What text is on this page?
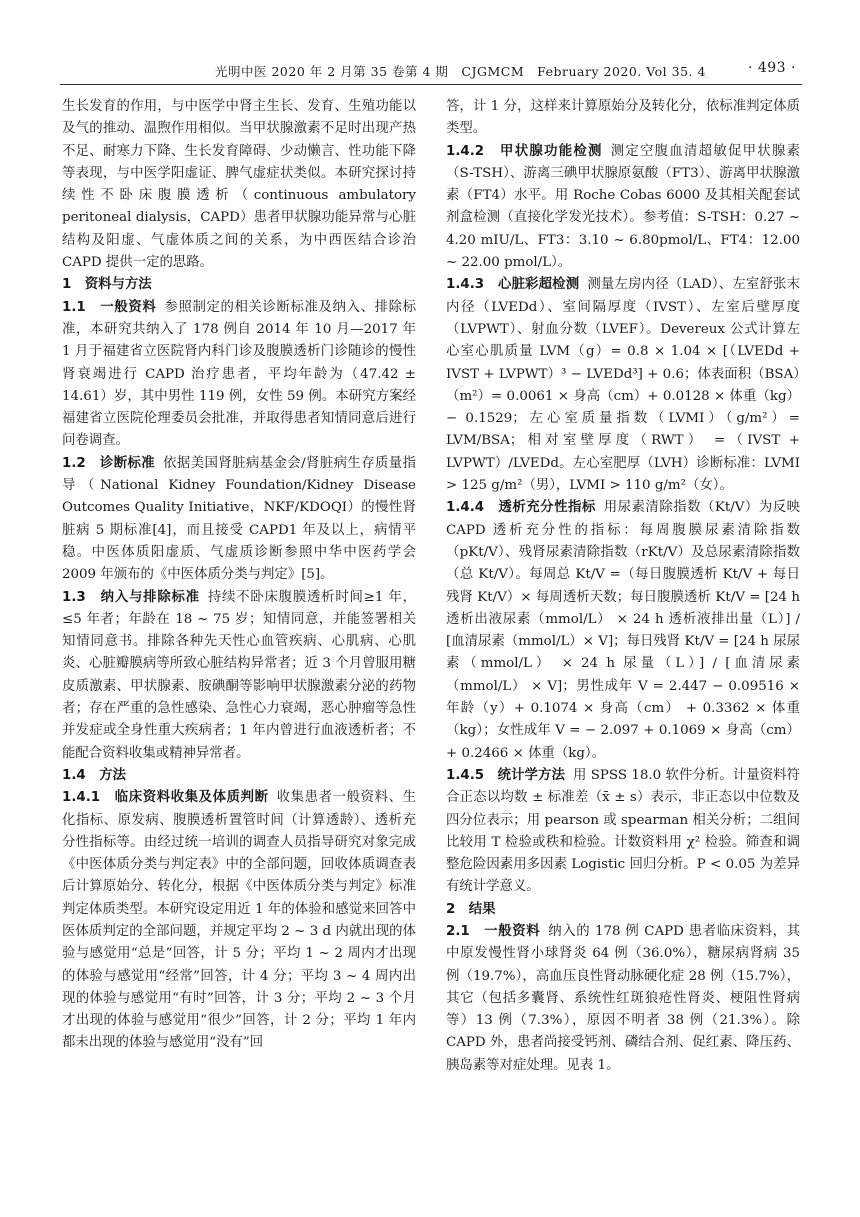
光明中医 2020 年 2 月第 35 卷第 4 期　CJGMCM　February 2020. Vol 35. 4	· 493 ·

生长发育的作用，与中医学中肾主生长、发育、生殖功能以及气的推动、温煦作用相似。当甲状腺激素不足时出现产热不足、耐寒力下降、生长发育障碍、少动懒言、性功能下降等表现，与中医学阳虚证、脾气虚症状类似。本研究探讨持续性不卧床腹膜透析（continuous ambulatory peritoneal dialysis，CAPD）患者甲状腺功能异常与心脏结构及阳虚、气虚体质之间的关系，为中西医结合诊治 CAPD 提供一定的思路。

1　资料与方法

1.1　一般资料 参照制定的相关诊断标准及纳入、排除标准，本研究共纳入了 178 例自 2014 年 10 月—2017 年 1 月于福建省立医院肾内科门诊及腹膜透析门诊随诊的慢性肾衰竭进行 CAPD 治疗患者，平均年龄为（47.42 ± 14.61）岁，其中男性 119 例，女性 59 例。本研究方案经福建省立医院伦理委员会批准，并取得患者知情同意后进行问卷调查。

1.2　诊断标准 依据美国肾脏病基金会/肾脏病生存质量指导（National Kidney Foundation/Kidney Disease Outcomes Quality Initiative，NKF/KDOQI）的慢性肾脏病 5 期标准[4]，而且接受 CAPD1 年及以上，病情平稳。中医体质阳虚质、气虚质诊断参照中华中医药学会 2009 年颁布的《中医体质分类与判定》[5]。

1.3　纳入与排除标准 持续不卧床腹膜透析时间≥1 年，≤5 年者；年龄在 18 ~ 75 岁；知情同意，并能签署相关知情同意书。排除各种先天性心血管疾病、心肌病、心肌炎、心脏瓣膜病等所致心脏结构异常者；近 3 个月曾服用糖皮质激素、甲状腺素、胺碘酮等影响甲状腺激素分泌的药物者；存在严重的急性感染、急性心力衰竭，恶心肿瘤等急性并发症或全身性重大疾病者；1 年内曾进行血液透析者；不能配合资料收集或精神异常者。

1.4　方法

1.4.1　临床资料收集及体质判断 收集患者一般资料、生化指标、原发病、腹膜透析置管时间（计算透龄）、透析充分性指标等。由经过统一培训的调查人员指导研究对象完成《中医体质分类与判定表》中的全部问题，回收体质调查表后计算原始分、转化分，根据《中医体质分类与判定》标准判定体质类型。本研究设定用近 1 年的体验和感觉来回答中医体质判定的全部问题，并规定平均 2 ~ 3 d 内就出现的体验与感觉用“总是”回答，计 5 分；平均 1 ~ 2 周内才出现的体验与感觉用“经常”回答，计 4 分；平均 3 ~ 4 周内出现的体验与感觉用“有时”回答，计 3 分；平均 2 ~ 3 个月才出现的体验与感觉用“很少”回答，计 2 分；平均 1 年内都未出现的体验与感觉用“没有”回

答，计 1 分，这样来计算原始分及转化分，依标准判定体质类型。

1.4.2　甲状腺功能检测 测定空腹血清超敏促甲状腺素（S-TSH）、游离三碘甲状腺原氨酸（FT3）、游离甲状腺激素（FT4）水平。用 Roche Cobas 6000 及其相关配套试剂盒检测（直接化学发光技术）。参考值：S-TSH：0.27 ~ 4.20 mIU/L、FT3：3.10 ~ 6.80pmol/L、FT4：12.00 ~ 22.00 pmol/L）。

1.4.3　心脏彩超检测 测量左房内径（LAD）、左室舒张末内径（LVEDd）、室间隔厚度（IVST）、左室后壁厚度（LVPWT）、射血分数（LVEF）。Devereux 公式计算左心室心肌质量 LVM（g）= 0.8 × 1.04 × [（LVEDd + IVST + LVPWT）³ − LVEDd³] + 0.6；体表面积（BSA）（m²）= 0.0061 × 身高（cm）+ 0.0128 × 体重（kg）− 0.1529；左心室质量指数（LVMI）（g/m²）= LVM/BSA；相对室壁厚度（RWT） =（IVST + LVPWT）/LVEDd。左心室肥厚（LVH）诊断标准：LVMI > 125 g/m²（男），LVMI > 110 g/m²（女）。

1.4.4　透析充分性指标 用尿素清除指数（Kt/V）为反映 CAPD 透析充分性的指标：每周腹膜尿素清除指数（pKt/V）、残肾尿素清除指数（rKt/V）及总尿素清除指数（总 Kt/V）。每周总 Kt/V =（每日腹膜透析 Kt/V + 每日残肾 Kt/V）× 每周透析天数；每日腹膜透析 Kt/V = [24 h 透析出液尿素（mmol/L） × 24 h 透析液排出量（L）] / [血清尿素（mmol/L）× V]；每日残肾 Kt/V = [24 h 尿尿素（mmol/L） × 24 h 尿量（L）] / [血清尿素（mmol/L） × V]；男性成年 V = 2.447 − 0.09516 × 年龄（y）+ 0.1074 × 身高（cm） + 0.3362 × 体重（kg）；女性成年 V = − 2.097 + 0.1069 × 身高（cm）+ 0.2466 × 体重（kg）。

1.4.5　统计学方法 用 SPSS 18.0 软件分析。计量资料符合正态以均数 ± 标准差（x̄ ± s）表示，非正态以中位数及四分位表示；用 pearson 或 spearman 相关分析；二组间比较用 T 检验或秩和检验。计数资料用 χ² 检验。筛查和调整危险因素用多因素 Logistic 回归分析。P < 0.05 为差异有统计学意义。

2　结果

2.1　一般资料 纳入的 178 例 CAPD 患者临床资料，其中原发慢性肾小球肾炎 64 例（36.0%），糖尿病肾病 35 例（19.7%），高血压良性肾动脉硬化症 28 例（15.7%），其它（包括多囊肾、系统性红斑狼疮性肾炎、梗阻性肾病等）13 例（7.3%），原因不明者 38 例（21.3%）。除 CAPD 外，患者尚接受钙剂、磷结合剂、促红素、降压药、胰岛素等对症处理。见表 1。
